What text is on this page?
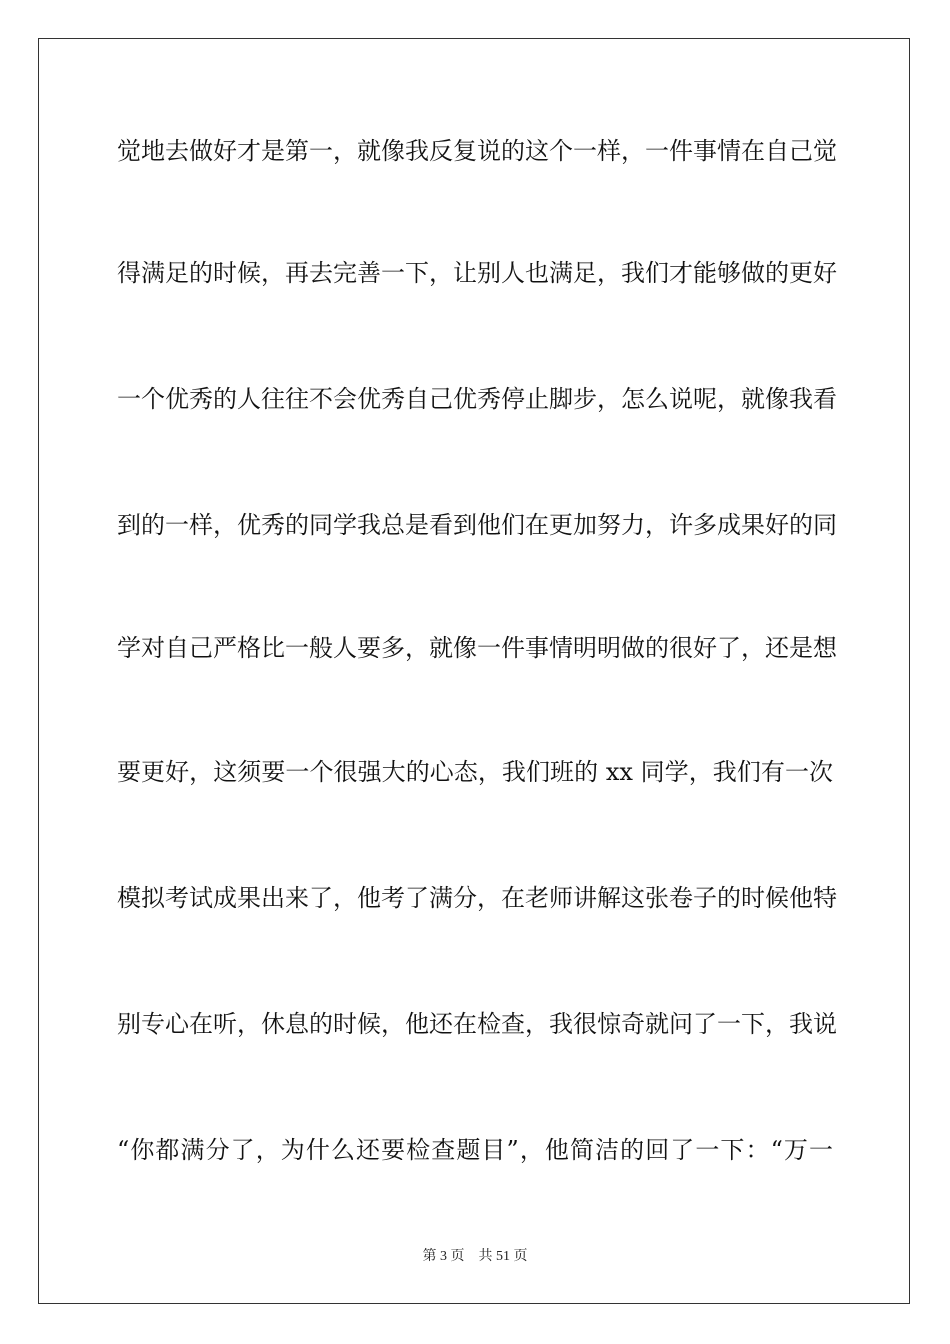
觉地去做好才是第一，就像我反复说的这个一样，一件事情在自己觉
得满足的时候，再去完善一下，让别人也满足，我们才能够做的更好
一个优秀的人往往不会优秀自己优秀停止脚步，怎么说呢，就像我看
到的一样，优秀的同学我总是看到他们在更加努力，许多成果好的同
学对自己严格比一般人要多，就像一件事情明明做的很好了，还是想
要更好，这须要一个很强大的心态，我们班的 xx 同学，我们有一次
模拟考试成果出来了，他考了满分，在老师讲解这张卷子的时候他特
别专心在听，休息的时候，他还在检查，我很惊奇就问了一下，我说
“你都满分了，为什么还要检查题目”，他简洁的回了一下：“万一
第 3 页 共 51 页
